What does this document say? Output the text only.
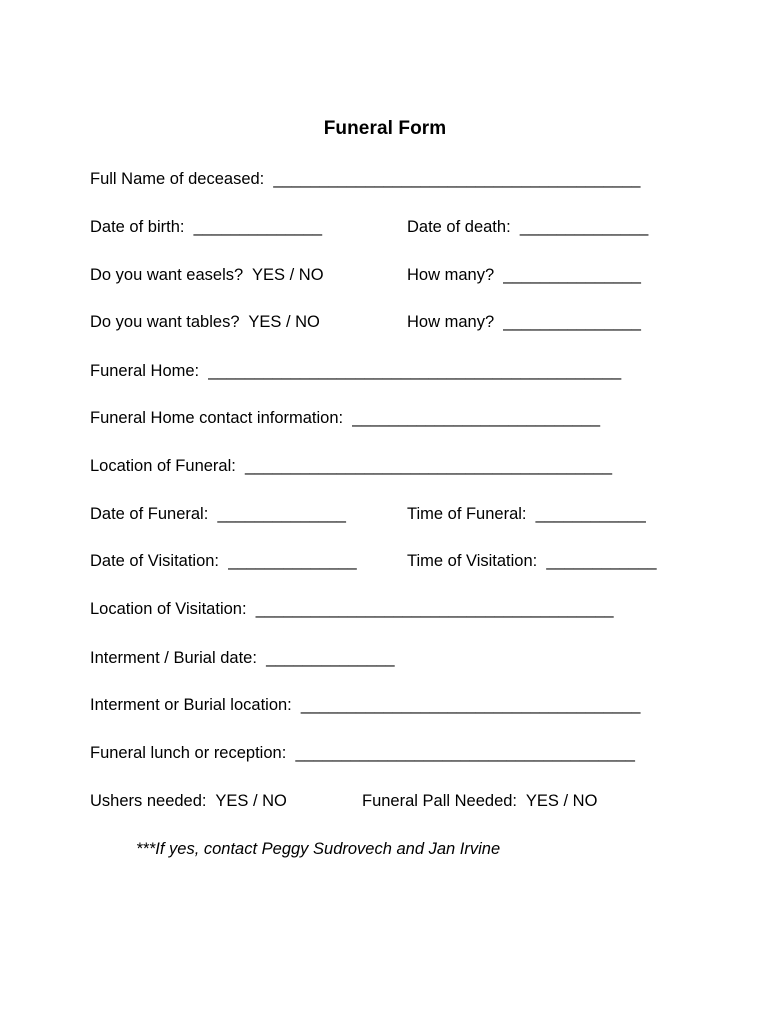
Funeral Form
Full Name of deceased:  ________________________________________
Date of birth:  ______________	Date of death:  ______________
Do you want easels?  YES / NO	How many?  _______________
Do you want tables?  YES / NO	How many?  _______________
Funeral Home:  _____________________________________________
Funeral Home contact information:  ___________________________
Location of Funeral:  ________________________________________
Date of Funeral:  ______________	Time of Funeral:  ____________
Date of Visitation:  ______________	Time of Visitation:  ____________
Location of Visitation:  _______________________________________
Interment / Burial date:  ______________
Interment or Burial location:  _____________________________________
Funeral lunch or reception:  _____________________________________
Ushers needed:  YES / NO	Funeral Pall Needed:  YES / NO
***If yes, contact Peggy Sudrovech and Jan Irvine
